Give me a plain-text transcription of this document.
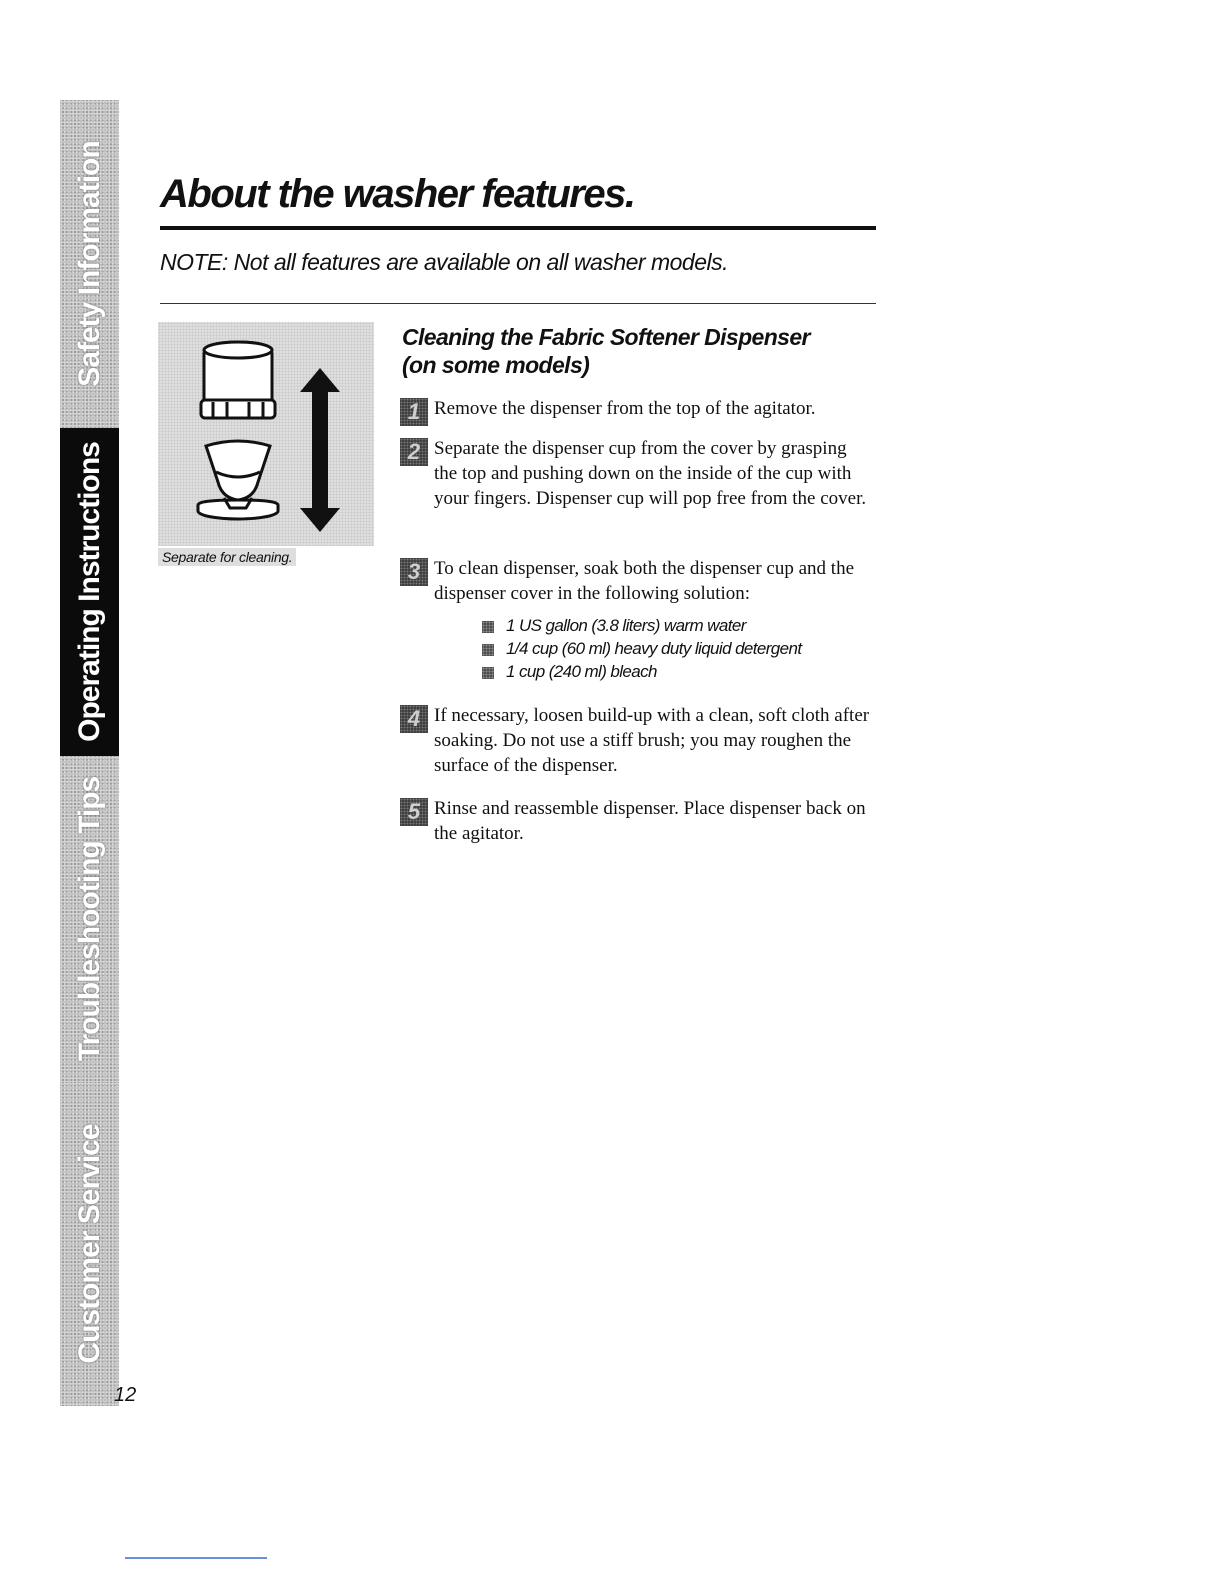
Safety Information
Operating Instructions
Troubleshooting Tips
Customer Service
12
About the washer features.
NOTE: Not all features are available on all washer models.
Separate for cleaning.
Cleaning the Fabric Softener Dispenser
(on some models)
1 Remove the dispenser from the top of the agitator.

2 Separate the dispenser cup from the cover by grasping the top and pushing down on the inside of the cup with your fingers. Dispenser cup will pop free from the cover.

3 To clean dispenser, soak both the dispenser cup and the dispenser cover in the following solution:

1 US gallon (3.8 liters) warm water
1/4 cup (60 ml) heavy duty liquid detergent
1 cup (240 ml) bleach
4 If necessary, loosen build-up with a clean, soft cloth after soaking. Do not use a stiff brush; you may roughen the surface of the dispenser.

5 Rinse and reassemble dispenser. Place dispenser back on the agitator.
